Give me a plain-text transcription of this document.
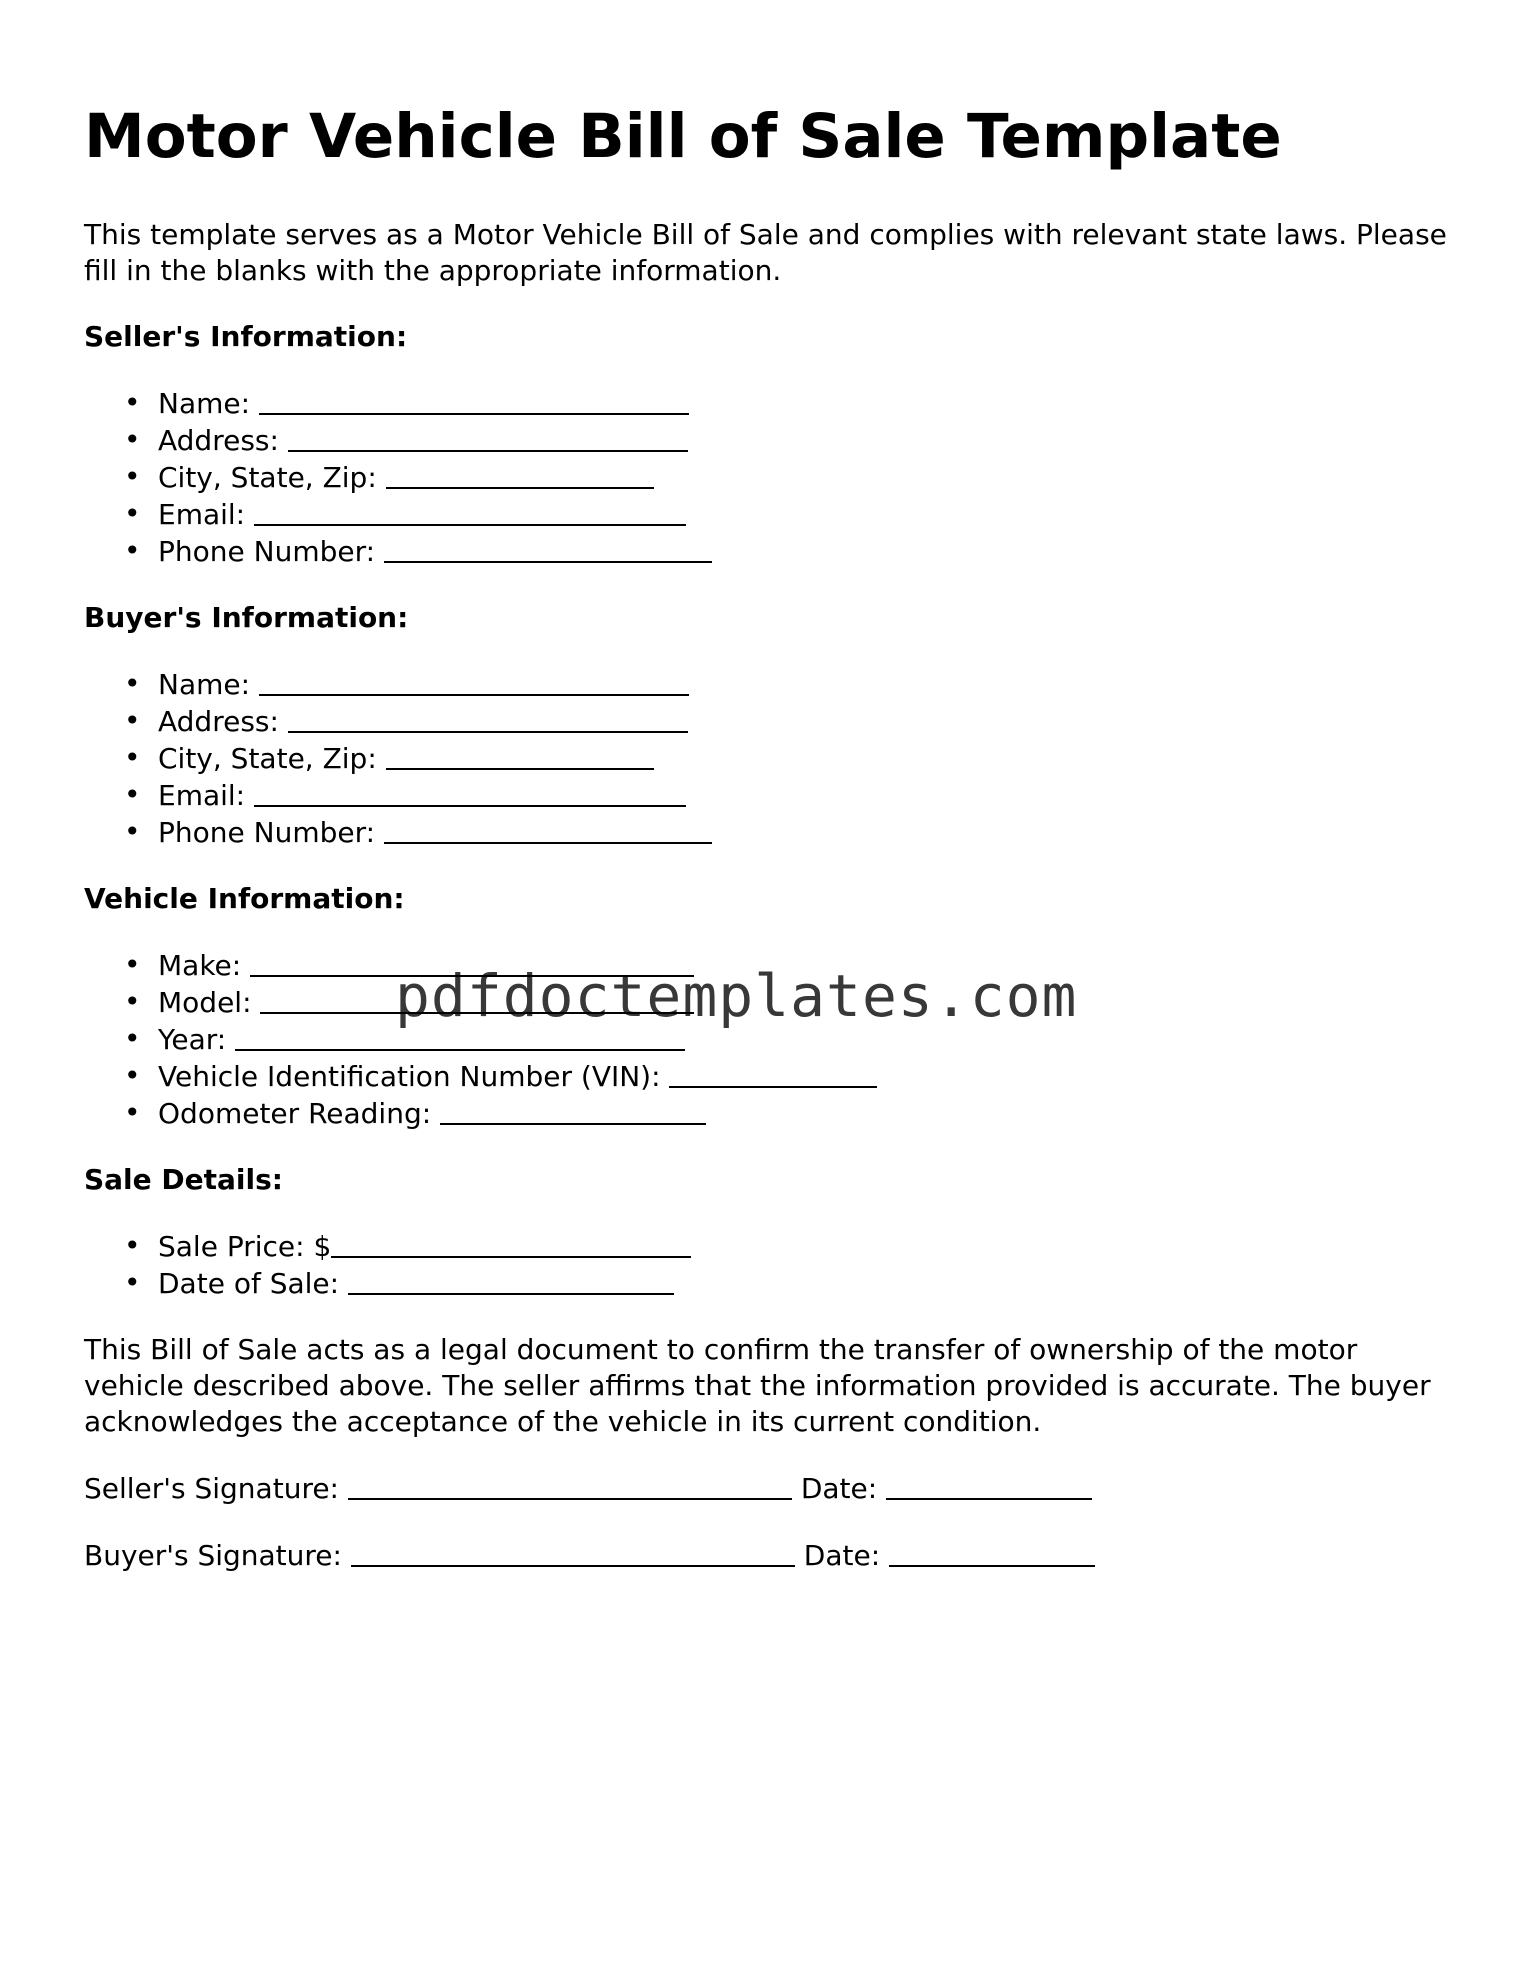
Motor Vehicle Bill of Sale Template

This template serves as a Motor Vehicle Bill of Sale and complies with relevant state laws. Please fill in the blanks with the appropriate information.

Seller's Information:
• Name:
• Address:
• City, State, Zip:
• Email:
• Phone Number:
Buyer's Information:
• Name:
• Address:
• City, State, Zip:
• Email:
• Phone Number:
Vehicle Information:
• Make:
• Model:
• Year:
• Vehicle Identification Number (VIN):
• Odometer Reading:
Sale Details:
• Sale Price: $
• Date of Sale:

This Bill of Sale acts as a legal document to confirm the transfer of ownership of the motor vehicle described above. The seller affirms that the information provided is accurate. The buyer acknowledges the acceptance of the vehicle in its current condition.

Seller's Signature:	Date:
Buyer's Signature:	Date:
pdfdoctemplates.com
